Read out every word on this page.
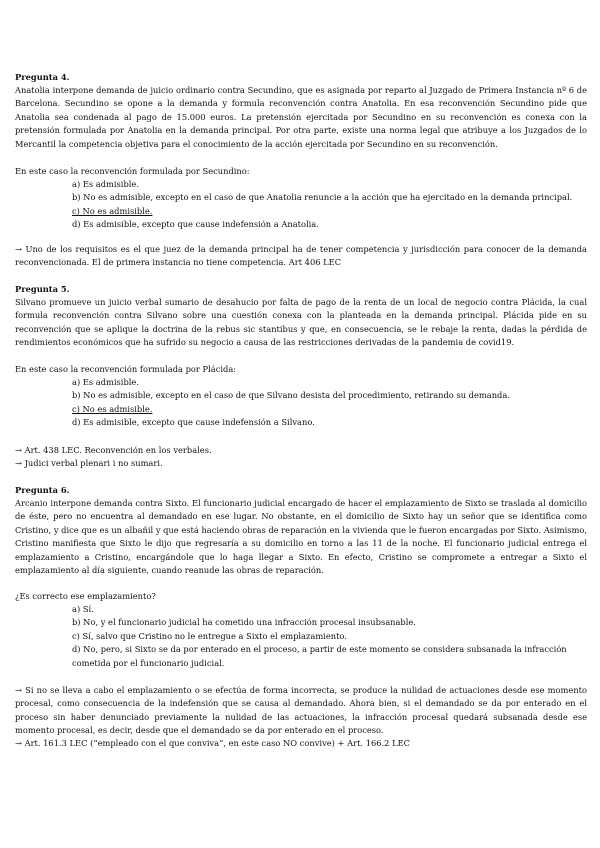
Pregunta 4.

Anatolia interpone demanda de juicio ordinario contra Secundino, que es asignada por reparto al Juzgado de Primera Instancia nº 6 de Barcelona. Secundino se opone a la demanda y formula reconvención contra Anatolia. En esa reconvención Secundino pide que Anatolia sea condenada al pago de 15.000 euros. La pretensión ejercitada por Secundino en su reconvención es conexa con la pretensión formulada por Anatolia en la demanda principal. Por otra parte, existe una norma legal que atribuye a los Juzgados de lo Mercantil la competencia objetiva para el conocimiento de la acción ejercitada por Secundino en su reconvención.

En este caso la reconvención formulada por Secundino:

a) Es admisible.
b) No es admisible, excepto en el caso de que Anatolia renuncie a la acción que ha ejercitado en la demanda principal.
c) No es admisible.
d) Es admisible, excepto que cause indefensión a Anatolia.

→ Uno de los requisitos es el que juez de la demanda principal ha de tener competencia y jurisdicción para conocer de la demanda reconvencionada. El de primera instancia no tiene competencia. Art 406 LEC

Pregunta 5.

Silvano promueve un juicio verbal sumario de desahucio por falta de pago de la renta de un local de negocio contra Plácida, la cual formula reconvención contra Silvano sobre una cuestión conexa con la planteada en la demanda principal. Plácida pide en su reconvención que se aplique la doctrina de la rebus sic stantibus y que, en consecuencia, se le rebaje la renta, dadas la pérdida de rendimientos económicos que ha sufrido su negocio a causa de las restricciones derivadas de la pandemia de covid19.

En este caso la reconvención formulada por Plácida:

a) Es admisible.
b) No es admisible, excepto en el caso de que Silvano desista del procedimiento, retirando su demanda.
c) No es admisible.
d) Es admisible, excepto que cause indefensión a Silvano.

→ Art. 438 LEC. Reconvención en los verbales.

→ Judici verbal plenari i no sumari.

Pregunta 6.

Arcanio interpone demanda contra Sixto. El funcionario judicial encargado de hacer el emplazamiento de Sixto se traslada al domicilio de éste, pero no encuentra al demandado en ese lugar. No obstante, en el domicilio de Sixto hay un señor que se identifica como Cristino, y dice que es un albañil y que está haciendo obras de reparación en la vivienda que le fueron encargadas por Sixto. Asimismo, Cristino manifiesta que Sixto le dijo que regresaría a su domicilio en torno a las 11 de la noche. El funcionario judicial entrega el emplazamiento a Cristino, encargándole que lo haga llegar a Sixto. En efecto, Cristino se compromete a entregar a Sixto el emplazamiento al día siguiente, cuando reanude las obras de reparación.

¿Es correcto ese emplazamiento?

a) Sí.
b) No, y el funcionario judicial ha cometido una infracción procesal insubsanable.
c) Sí, salvo que Cristino no le entregue a Sixto el emplazamiento.
d) No, pero, si Sixto se da por enterado en el proceso, a partir de este momento se considera subsanada la infracción cometida por el funcionario judicial.

→ Si no se lleva a cabo el emplazamiento o se efectúa de forma incorrecta, se produce la nulidad de actuaciones desde ese momento procesal, como consecuencia de la indefensión que se causa al demandado. Ahora bien, si el demandado se da por enterado en el proceso sin haber denunciado previamente la nulidad de las actuaciones, la infracción procesal quedará subsanada desde ese momento procesal, es decir, desde que el demandado se da por enterado en el proceso.

→ Art. 161.3 LEC (“empleado con el que conviva”, en este caso NO convive) + Art. 166.2 LEC
